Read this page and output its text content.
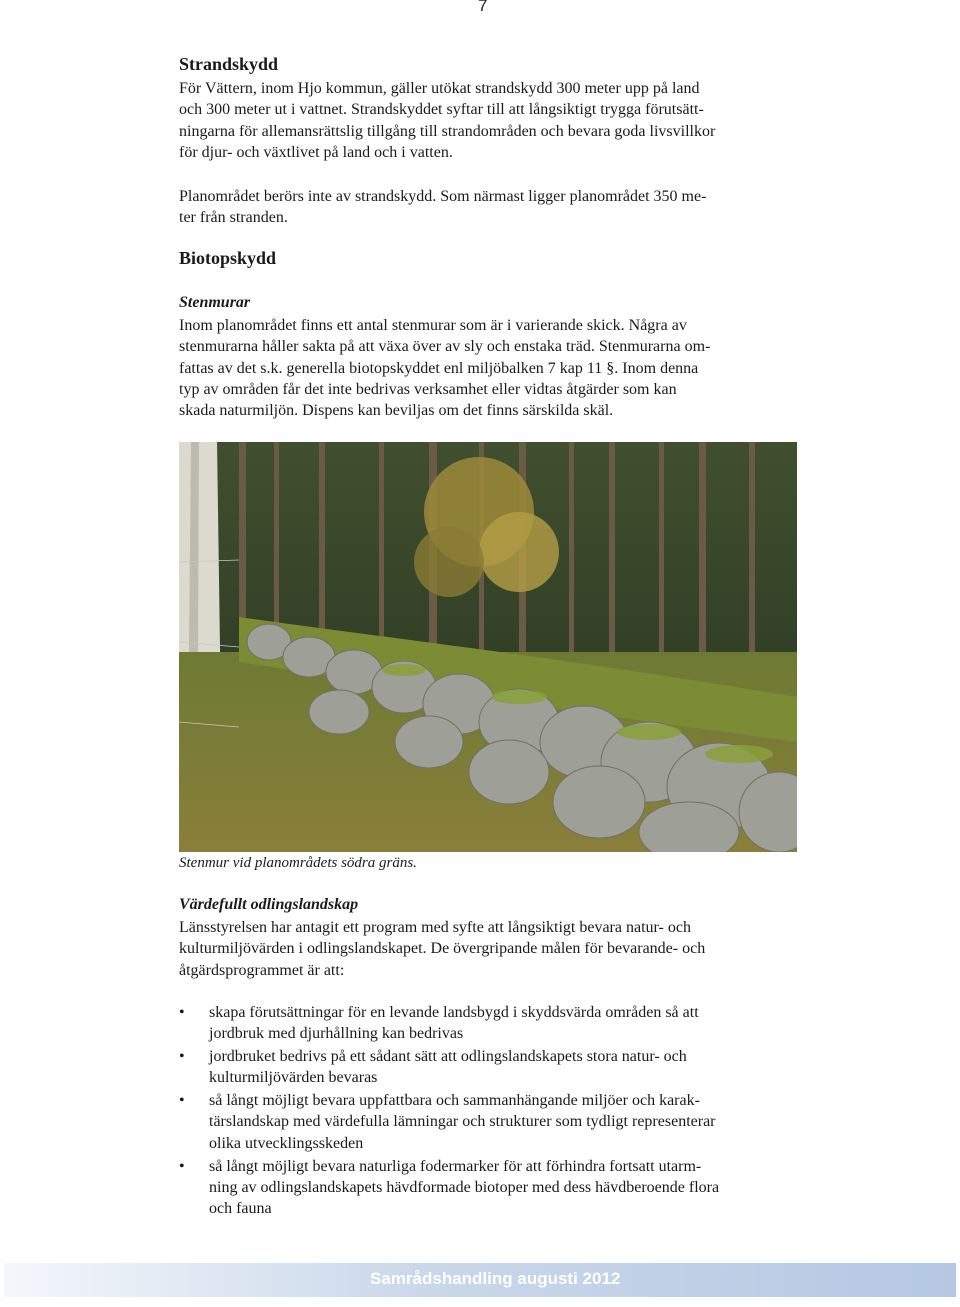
7
Strandskydd
För Vättern, inom Hjo kommun, gäller utökat strandskydd 300 meter upp på land
och 300 meter ut i vattnet. Strandskyddet syftar till att långsiktigt trygga förutsätt-
ningarna för allemansrättslig tillgång till strandområden och bevara goda livsvillkor
för djur- och växtlivet på land och i vatten.
Planområdet berörs inte av strandskydd. Som närmast ligger planområdet 350 me-
ter från stranden.
Biotopskydd
Stenmurar
Inom planområdet finns ett antal stenmurar som är i varierande skick. Några av
stenmurarna håller sakta på att växa över av sly och enstaka träd. Stenmurarna om-
fattas av det s.k. generella biotopskyddet enl miljöbalken 7 kap 11 §. Inom denna
typ av områden får det inte bedrivas verksamhet eller vidtas åtgärder som kan
skada naturmiljön. Dispens kan beviljas om det finns särskilda skäl.

Stenmur vid planområdets södra gräns.

Värdefullt odlingslandskap
Länsstyrelsen har antagit ett program med syfte att långsiktigt bevara natur- och
kulturmiljövärden i odlingslandskapet. De övergripande målen för bevarande- och
åtgärdsprogrammet är att:
• skapa förutsättningar för en levande landsbygd i skyddsvärda områden så att
jordbruk med djurhållning kan bedrivas
• jordbruket bedrivs på ett sådant sätt att odlingslandskapets stora natur- och
kulturmiljövärden bevaras
• så långt möjligt bevara uppfattbara och sammanhängande miljöer och karak-
tärslandskap med värdefulla lämningar och strukturer som tydligt representerar
olika utvecklingsskeden
• så långt möjligt bevara naturliga fodermarker för att förhindra fortsatt utarm-
ning av odlingslandskapets hävdformade biotoper med dess hävdberoende flora
och fauna
Samrådshandling augusti 2012
